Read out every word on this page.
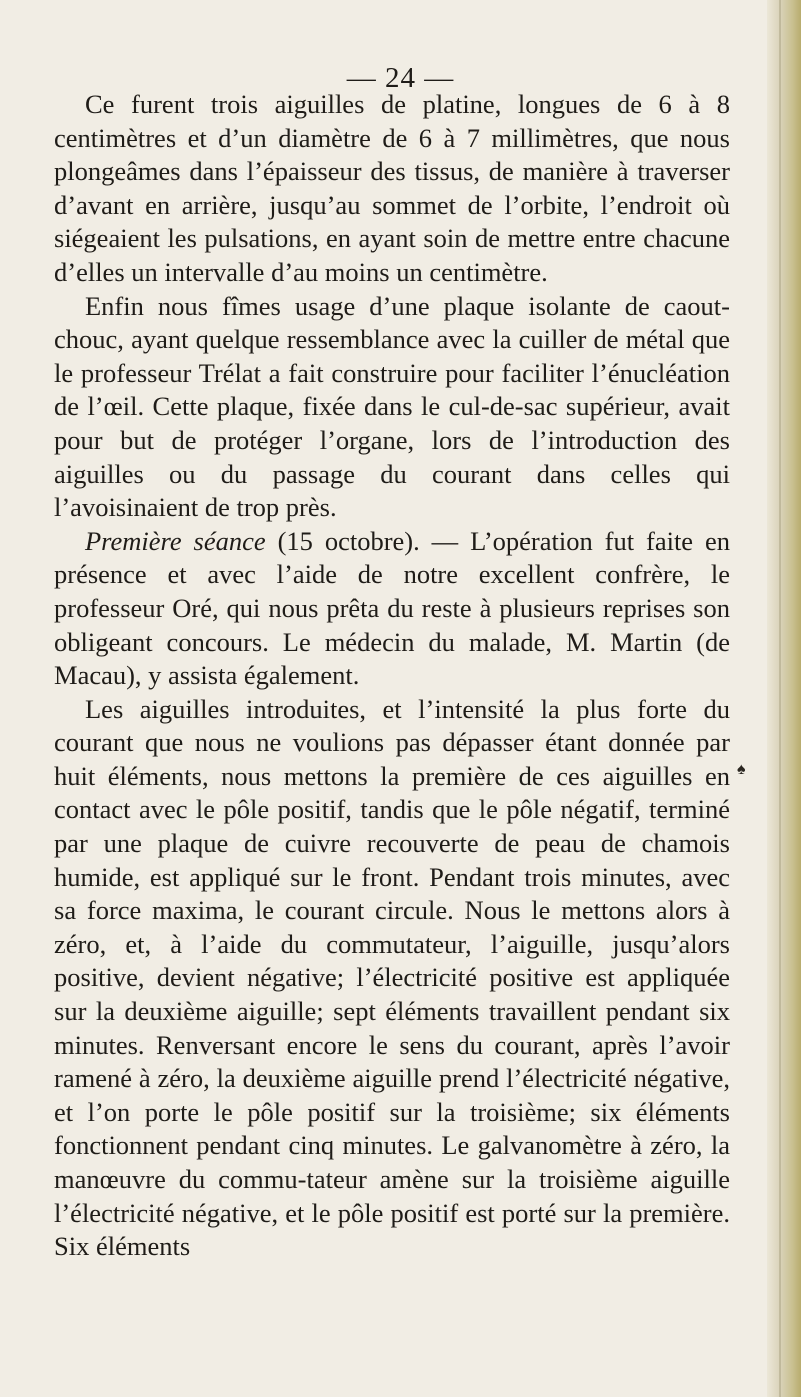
— 24 —

Ce furent trois aiguilles de platine, longues de 6 à 8 centimètres et d’un diamètre de 6 à 7 millimètres, que nous plongeâmes dans l’épaisseur des tissus, de manière à traverser d’avant en arrière, jusqu’au sommet de l’orbite, l’endroit où siégeaient les pulsations, en ayant soin de mettre entre chacune d’elles un intervalle d’au moins un centimètre.

Enfin nous fîmes usage d’une plaque isolante de caout-chouc, ayant quelque ressemblance avec la cuiller de métal que le professeur Trélat a fait construire pour faciliter l’énucléation de l’œil. Cette plaque, fixée dans le cul-de-sac supérieur, avait pour but de protéger l’organe, lors de l’introduction des aiguilles ou du passage du courant dans celles qui l’avoisinaient de trop près.

Première séance (15 octobre). — L’opération fut faite en présence et avec l’aide de notre excellent confrère, le professeur Oré, qui nous prêta du reste à plusieurs reprises son obligeant concours. Le médecin du malade, M. Martin (de Macau), y assista également.

Les aiguilles introduites, et l’intensité la plus forte du courant que nous ne voulions pas dépasser étant donnée par huit éléments, nous mettons la première de ces aiguilles en contact avec le pôle positif, tandis que le pôle négatif, terminé par une plaque de cuivre recouverte de peau de chamois humide, est appliqué sur le front. Pendant trois minutes, avec sa force maxima, le courant circule. Nous le mettons alors à zéro, et, à l’aide du commutateur, l’aiguille, jusqu’alors positive, devient négative; l’électricité positive est appliquée sur la deuxième aiguille; sept éléments travaillent pendant six minutes. Renversant encore le sens du courant, après l’avoir ramené à zéro, la deuxième aiguille prend l’électricité négative, et l’on porte le pôle positif sur la troisième; six éléments fonctionnent pendant cinq minutes. Le galvanomètre à zéro, la manœuvre du commu-tateur amène sur la troisième aiguille l’électricité négative, et le pôle positif est porté sur la première. Six éléments

♠
